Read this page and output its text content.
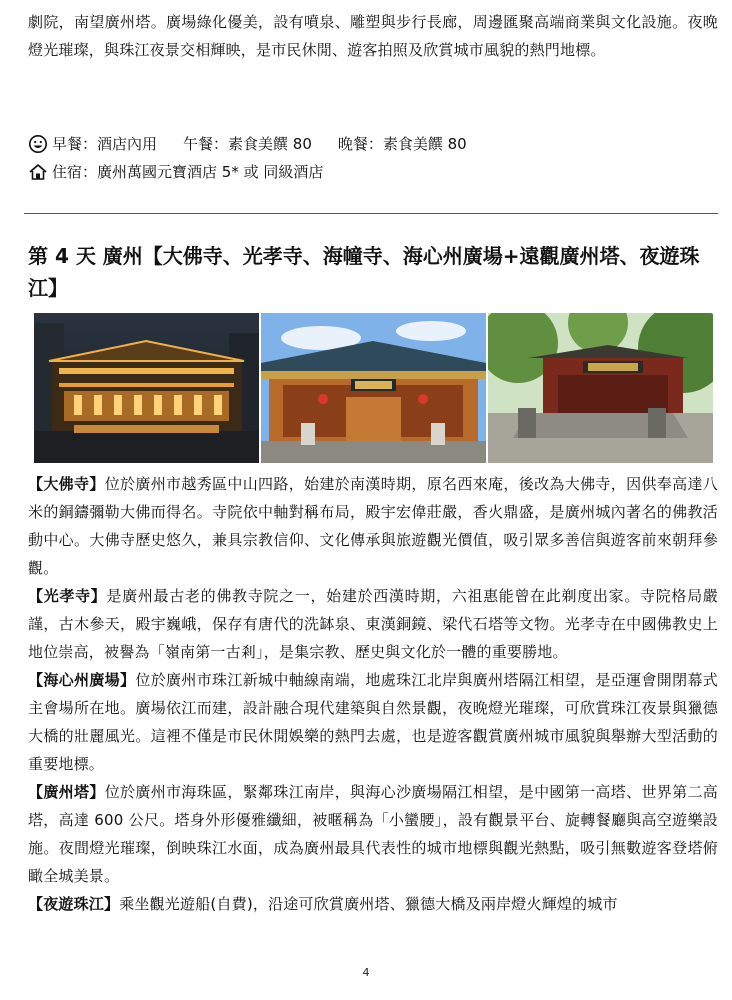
劇院，南望廣州塔。廣場綠化優美，設有噴泉、雕塑與步行長廊，周邊匯聚高端商業與文化設施。夜晚燈光璀璨，與珠江夜景交相輝映，是市民休閒、遊客拍照及欣賞城市風貌的熱門地標。

早餐：酒店內用 午餐：素食美饌 80 晚餐：素食美饌 80
住宿：廣州萬國元寶酒店 5* 或 同級酒店
第 4 天 廣州【大佛寺、光孝寺、海幢寺、海心州廣場+遠觀廣州塔、夜遊珠江】
【大佛寺】位於廣州市越秀區中山四路，始建於南漢時期，原名西來庵，後改為大佛寺，因供奉高達八米的銅鑄彌勒大佛而得名。寺院依中軸對稱布局，殿宇宏偉莊嚴，香火鼎盛，是廣州城內著名的佛教活動中心。大佛寺歷史悠久，兼具宗教信仰、文化傳承與旅遊觀光價值，吸引眾多善信與遊客前來朝拜參觀。
【光孝寺】是廣州最古老的佛教寺院之一，始建於西漢時期，六祖惠能曾在此剃度出家。寺院格局嚴謹，古木參天，殿宇巍峨，保存有唐代的洗缽泉、東漢銅鏡、梁代石塔等文物。光孝寺在中國佛教史上地位崇高，被譽為「嶺南第一古剎」，是集宗教、歷史與文化於一體的重要勝地。
【海心州廣場】位於廣州市珠江新城中軸線南端，地處珠江北岸與廣州塔隔江相望，是亞運會開閉幕式主會場所在地。廣場依江而建，設計融合現代建築與自然景觀，夜晚燈光璀璨，可欣賞珠江夜景與獵德大橋的壯麗風光。這裡不僅是市民休閒娛樂的熱門去處，也是遊客觀賞廣州城市風貌與舉辦大型活動的重要地標。
【廣州塔】位於廣州市海珠區，緊鄰珠江南岸，與海心沙廣場隔江相望，是中國第一高塔、世界第二高塔，高達 600 公尺。塔身外形優雅纖細，被暱稱為「小蠻腰」，設有觀景平台、旋轉餐廳與高空遊樂設施。夜間燈光璀璨，倒映珠江水面，成為廣州最具代表性的城市地標與觀光熱點，吸引無數遊客登塔俯瞰全城美景。
【夜遊珠江】乘坐觀光遊船(自費)，沿途可欣賞廣州塔、獵德大橋及兩岸燈火輝煌的城市
4
